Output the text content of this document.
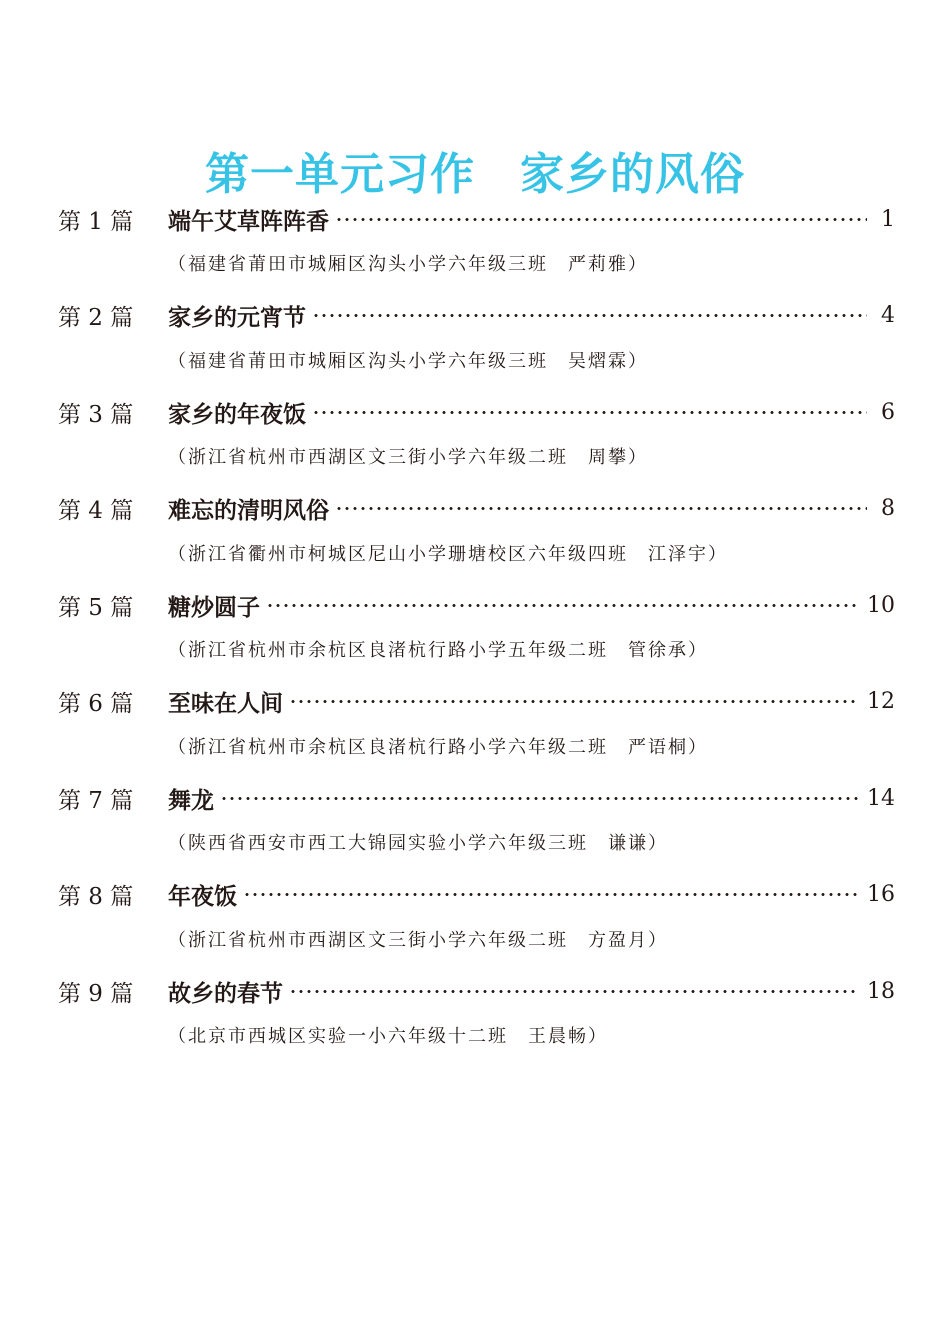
第一单元习作　家乡的风俗
第 1 篇	端午艾草阵阵香	1
（福建省莆田市城厢区沟头小学六年级三班　严莉雅）
第 2 篇	家乡的元宵节	4
（福建省莆田市城厢区沟头小学六年级三班　吴熠霖）
第 3 篇	家乡的年夜饭	6
（浙江省杭州市西湖区文三街小学六年级二班　周攀）
第 4 篇	难忘的清明风俗	8
（浙江省衢州市柯城区尼山小学珊塘校区六年级四班　江泽宇）
第 5 篇	糖炒圆子	10
（浙江省杭州市余杭区良渚杭行路小学五年级二班　管徐承）
第 6 篇	至味在人间	12
（浙江省杭州市余杭区良渚杭行路小学六年级二班　严语桐）
第 7 篇	舞龙	14
（陕西省西安市西工大锦园实验小学六年级三班　谦谦）
第 8 篇	年夜饭	16
（浙江省杭州市西湖区文三街小学六年级二班　方盈月）
第 9 篇	故乡的春节	18
（北京市西城区实验一小六年级十二班　王晨畅）
